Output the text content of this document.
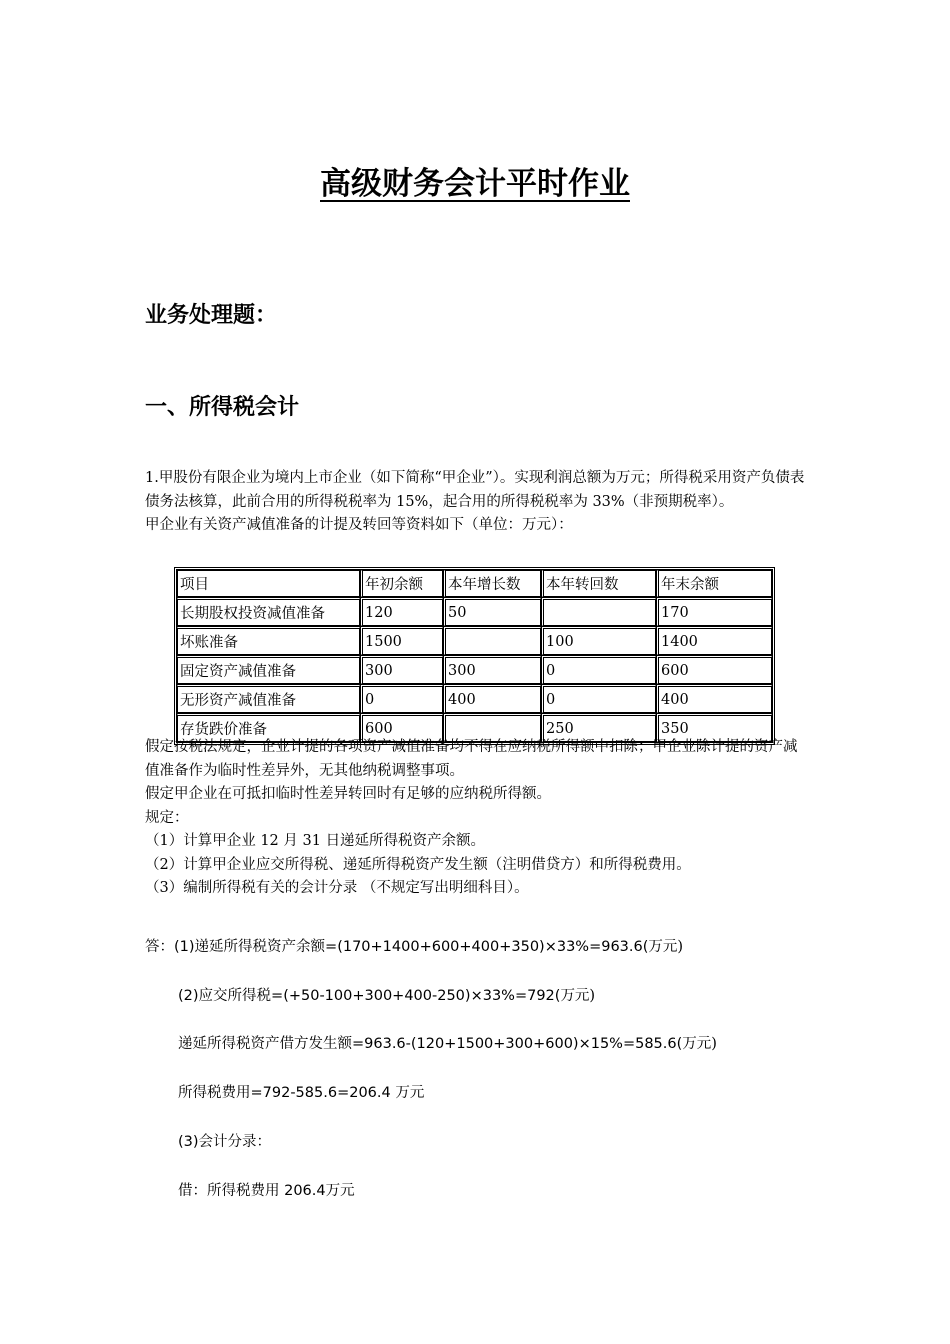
高级财务会计平时作业
业务处理题：
一、所得税会计
1.甲股份有限企业为境内上市企业（如下简称“甲企业”）。实现利润总额为万元；所得税采用资产负债表债务法核算，此前合用的所得税税率为 15%，起合用的所得税税率为 33%（非预期税率）。
甲企业有关资产减值准备的计提及转回等资料如下（单位：万元）：
项目	年初余额	本年增长数	本年转回数	年末余额
长期股权投资减值准备	120	50		170
坏账准备	1500		100	1400
固定资产减值准备	300	300	0	600
无形资产减值准备	0	400	0	400
存货跌价准备	600		250	350
假定按税法规定，企业计提的各项资产减值准备均不得在应纳税所得额中扣除；甲企业除计提的资产减值准备作为临时性差异外，无其他纳税调整事项。
假定甲企业在可抵扣临时性差异转回时有足够的应纳税所得额。
规定：
（1）计算甲企业 12 月 31 日递延所得税资产余额。
（2）计算甲企业应交所得税、递延所得税资产发生额（注明借贷方）和所得税费用。
（3）编制所得税有关的会计分录 （不规定写出明细科目）。
答：(1)递延所得税资产余额=(170+1400+600+400+350)×33%=963.6(万元)
(2)应交所得税=(+50-100+300+400-250)×33%=792(万元)
递延所得税资产借方发生额=963.6-(120+1500+300+600)×15%=585.6(万元)
所得税费用=792-585.6=206.4 万元
(3)会计分录：
借：所得税费用 206.4万元
